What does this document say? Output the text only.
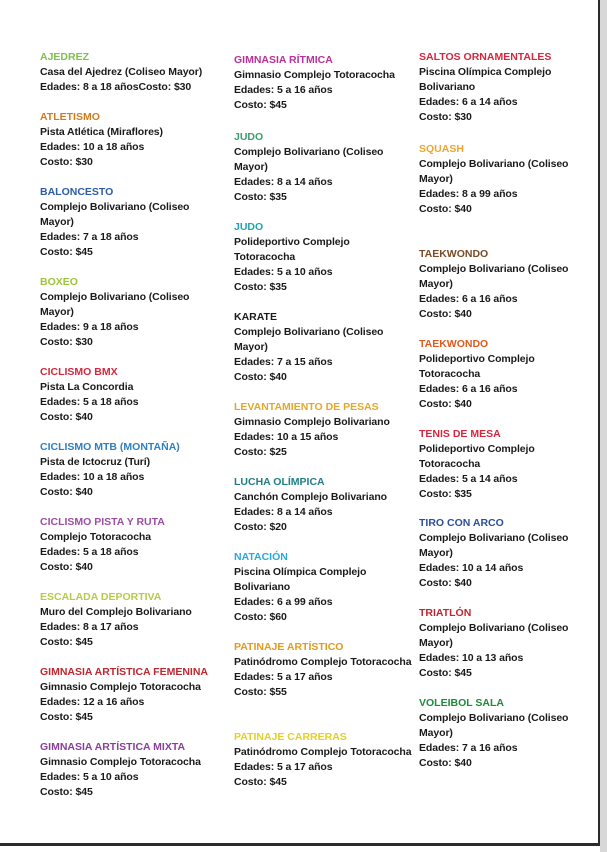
AJEDREZ
Casa del Ajedrez (Coliseo Mayor)
Edades: 8 a 18 añosCosto: $30
ATLETISMO
Pista Atlética (Miraflores)
Edades: 10 a 18 años
Costo: $30
BALONCESTO
Complejo Bolivariano (Coliseo Mayor)
Edades: 7 a 18 años
Costo: $45
BOXEO
Complejo Bolivariano (Coliseo Mayor)
Edades: 9 a 18 años
Costo: $30
CICLISMO BMX
Pista La Concordia
Edades: 5 a 18 años
Costo: $40
CICLISMO MTB (MONTAÑA)
Pista de Ictocruz (Turí)
Edades: 10 a 18 años
Costo: $40
CICLISMO PISTA Y RUTA
Complejo Totoracocha
Edades: 5 a 18 años
Costo: $40
ESCALADA DEPORTIVA
Muro del Complejo Bolivariano
Edades: 8 a 17 años
Costo: $45
GIMNASIA ARTÍSTICA FEMENINA
Gimnasio Complejo Totoracocha
Edades: 12 a 16 años
Costo: $45
GIMNASIA ARTÍSTICA MIXTA
Gimnasio Complejo Totoracocha
Edades: 5 a 10 años
Costo: $45
GIMNASIA RÍTMICA
Gimnasio Complejo Totoracocha
Edades: 5 a 16 años
Costo: $45
JUDO
Complejo Bolivariano (Coliseo Mayor)
Edades: 8 a 14 años
Costo: $35
JUDO
Polideportivo Complejo Totoracocha
Edades: 5 a 10 años
Costo: $35
KARATE
Complejo Bolivariano (Coliseo Mayor)
Edades: 7 a 15 años
Costo: $40
LEVANTAMIENTO DE PESAS
Gimnasio Complejo Bolivariano
Edades: 10 a 15 años
Costo: $25
LUCHA OLÍMPICA
Canchón Complejo Bolivariano
Edades: 8 a 14 años
Costo: $20
NATACIÓN
Piscina Olímpica Complejo Bolivariano
Edades: 6 a 99 años
Costo: $60
PATINAJE ARTÍSTICO
Patinódromo Complejo Totoracocha
Edades: 5 a 17 años
Costo: $55
PATINAJE CARRERAS
Patinódromo Complejo Totoracocha
Edades: 5 a 17 años
Costo: $45
SALTOS ORNAMENTALES
Piscina Olímpica Complejo Bolivariano
Edades: 6 a 14 años
Costo: $30
SQUASH
Complejo Bolivariano (Coliseo Mayor)
Edades: 8 a 99 años
Costo: $40
TAEKWONDO
Complejo Bolivariano (Coliseo Mayor)
Edades: 6 a 16 años
Costo: $40
TAEKWONDO
Polideportivo Complejo Totoracocha
Edades: 6 a 16 años
Costo: $40
TENIS DE MESA
Polideportivo Complejo Totoracocha
Edades: 5 a 14 años
Costo: $35
TIRO CON ARCO
Complejo Bolivariano (Coliseo Mayor)
Edades: 10 a 14 años
Costo: $40
TRIATLÓN
Complejo Bolivariano (Coliseo Mayor)
Edades: 10 a 13 años
Costo: $45
VOLEIBOL SALA
Complejo Bolivariano (Coliseo Mayor)
Edades: 7 a 16 años
Costo: $40
